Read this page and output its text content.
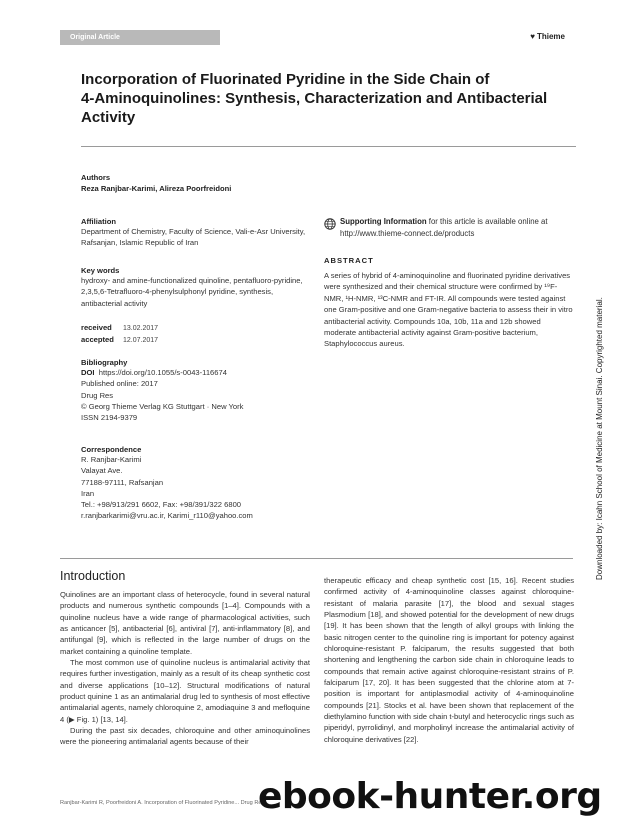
Original Article	♥ Thieme
Incorporation of Fluorinated Pyridine in the Side Chain of
4-Aminoquinolines: Synthesis, Characterization and Antibacterial
Activity
Authors
Reza Ranjbar-Karimi, Alireza Poorfreidoni
Affiliation
Department of Chemistry, Faculty of Science, Vali-e-Asr University, Rafsanjan, Islamic Republic of Iran
Key words
hydroxy- and amine-functionalized quinoline, pentafluoro-pyridine, 2,3,5,6-Tetrafluoro-4-phenylsulphonyl pyridine, synthesis, antibacterial activity
received 13.02.2017
accepted 12.07.2017
Bibliography
DOI https://doi.org/10.1055/s-0043-116674
Published online: 2017
Drug Res
© Georg Thieme Verlag KG Stuttgart · New York
ISSN 2194-9379
Correspondence
R. Ranjbar-Karimi
Valayat Ave.
77188-97111, Rafsanjan
Iran
Tel.: +98/913/291 6602, Fax: +98/391/322 6800
r.ranjbarkarimi@vru.ac.ir, Karimi_r110@yahoo.com
Supporting Information for this article is available online at http://www.thieme-connect.de/products
ABSTRACT
A series of hybrid of 4-aminoquinoline and fluorinated pyridine derivatives were synthesized and their chemical structure were confirmed by ¹⁹F-NMR, ¹H-NMR, ¹³C-NMR and FT-IR. All compounds were tested against one Gram-positive and one Gram-negative bacteria to assess their in vitro antibacterial activity. Compounds 10a, 10b, 11a and 12b showed moderate antibacterial activity against Gram-positive bacterium, Staphylococcus aureus.	Downloaded by: Icahn School of Medicine at Mount Sinai. Copyrighted material.
Introduction

Quinolines are an important class of heterocycle, found in several natural products and numerous synthetic compounds [1–4]. Compounds with a quinoline nucleus have a wide range of pharmacological activities, such as anticancer [5], antibacterial [6], antiviral [7], anti-inflammatory [8], and antifungal [9], which is reflected in the large number of drugs on the market containing a quinoline template.

The most common use of quinoline nucleus is antimalarial activity that requires further investigation, mainly as a result of its cheap synthetic cost and diverse applications [10–12]. Structural modifications of natural product quinine 1 as an antimalarial drug led to synthesis of most effective antimalarial agents, namely chloroquine 2, amodiaquine 3 and mefloquine 4 (▶ Fig. 1) [13, 14].

During the past six decades, chloroquine and other aminoquinolines were the pioneering antimalarial agents because of their

therapeutic efficacy and cheap synthetic cost [15, 16]. Recent studies confirmed activity of 4-aminoquinoline classes against chloroquine-resistant of malaria parasite [17], the blood and sexual stages Plasmodium [18], and showed potential for the development of new drugs [19]. It has been shown that the length of alkyl groups with linking the basic nitrogen center to the quinoline ring is important for potency against chloroquine-resistant P. falciparum, the results suggested that both shortening and lengthening the carbon side chain in chloroquine leads to compounds that remain active against chloroquine-resistant strains of P. falciparum [17, 20]. It has been suggested that the chlorine atom at 7-position is important for antiplasmodial activity of 4-aminoquinoline compounds [21]. Stocks et al. have been shown that replacement of the diethylamino function with side chain t-butyl and heterocyclic rings such as piperidyl, pyrrolidinyl, and morpholinyl increase the antimalarial activity of chloroquine derivatives [22].

Ranjbar-Karimi R, Poorfreidoni A. Incorporation of Fluorinated Pyridine... Drug Res
ebook-hunter.org
